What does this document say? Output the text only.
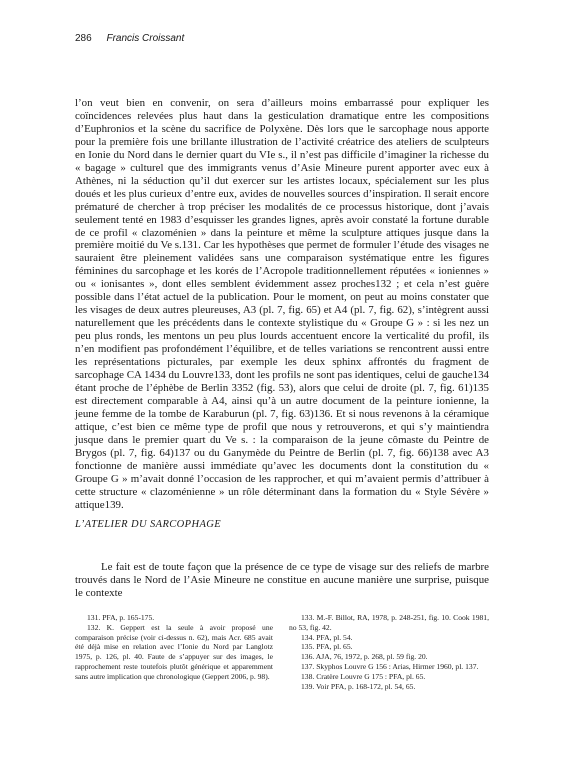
286 Francis Croissant

l’on veut bien en convenir, on sera d’ailleurs moins embarrassé pour expliquer les coïncidences relevées plus haut dans la gesticulation dramatique entre les compositions d’Euphronios et la scène du sacrifice de Polyxène. Dès lors que le sarcophage nous apporte pour la première fois une brillante illustration de l’activité créatrice des ateliers de sculpteurs en Ionie du Nord dans le dernier quart du VIe s., il n’est pas difficile d’imaginer la richesse du « bagage » culturel que des immigrants venus d’Asie Mineure purent apporter avec eux à Athènes, ni la séduction qu’il dut exercer sur les artistes locaux, spécialement sur les plus doués et les plus curieux d’entre eux, avides de nouvelles sources d’inspiration. Il serait encore prématuré de chercher à trop préciser les modalités de ce processus historique, dont j’avais seulement tenté en 1983 d’esquisser les grandes lignes, après avoir constaté la fortune durable de ce profil « clazoménien » dans la peinture et même la sculpture attiques jusque dans la première moitié du Ve s.131. Car les hypothèses que permet de formuler l’étude des visages ne sauraient être pleinement validées sans une comparaison systématique entre les figures féminines du sarcophage et les korés de l’Acropole traditionnellement réputées « ioniennes » ou « ionisantes », dont elles semblent évidemment assez proches132 ; et cela n’est guère possible dans l’état actuel de la publication. Pour le moment, on peut au moins constater que les visages de deux autres pleureuses, A3 (pl. 7, fig. 65) et A4 (pl. 7, fig. 62), s’intègrent aussi naturellement que les précédents dans le contexte stylistique du « Groupe G » : si les nez un peu plus ronds, les mentons un peu plus lourds accentuent encore la verticalité du profil, ils n’en modifient pas profondément l’équilibre, et de telles variations se rencontrent aussi entre les représentations picturales, par exemple les deux sphinx affrontés du fragment de sarcophage CA 1434 du Louvre133, dont les profils ne sont pas identiques, celui de gauche134 étant proche de l’éphèbe de Berlin 3352 (fig. 53), alors que celui de droite (pl. 7, fig. 61)135 est directement comparable à A4, ainsi qu’à un autre document de la peinture ionienne, la jeune femme de la tombe de Karaburun (pl. 7, fig. 63)136. Et si nous revenons à la céramique attique, c’est bien ce même type de profil que nous y retrouverons, et qui s’y maintiendra jusque dans le premier quart du Ve s. : la comparaison de la jeune cômaste du Peintre de Brygos (pl. 7, fig. 64)137 ou du Ganymède du Peintre de Berlin (pl. 7, fig. 66)138 avec A3 fonctionne de manière aussi immédiate qu’avec les documents dont la constitution du « Groupe G » m’avait donné l’occasion de les rapprocher, et qui m’avaient permis d’attribuer à cette structure « clazoménienne » un rôle déterminant dans la formation du « Style Sévère » attique139.

L’ATELIER DU SARCOPHAGE

Le fait est de toute façon que la présence de ce type de visage sur des reliefs de marbre trouvés dans le Nord de l’Asie Mineure ne constitue en aucune manière une surprise, puisque le contexte

131. PFA, p. 165-175.

132. K. Geppert est la seule à avoir proposé une comparaison précise (voir ci-dessus n. 62), mais Acr. 685 avait été déjà mise en relation avec l’Ionie du Nord par Langlotz 1975, p. 126, pl. 40. Faute de s’appuyer sur des images, le rapprochement reste toutefois plutôt générique et apparemment sans autre implication que chronologique (Geppert 2006, p. 98).

133. M.-F. Billot, RA, 1978, p. 248-251, fig. 10. Cook 1981, no 53, fig. 42.

134. PFA, pl. 54.

135. PFA, pl. 65.

136. AJA, 76, 1972, p. 268, pl. 59 fig. 20.

137. Skyphos Louvre G 156 : Arias, Hirmer 1960, pl. 137.

138. Cratère Louvre G 175 : PFA, pl. 65.

139. Voir PFA, p. 168-172, pl. 54, 65.
